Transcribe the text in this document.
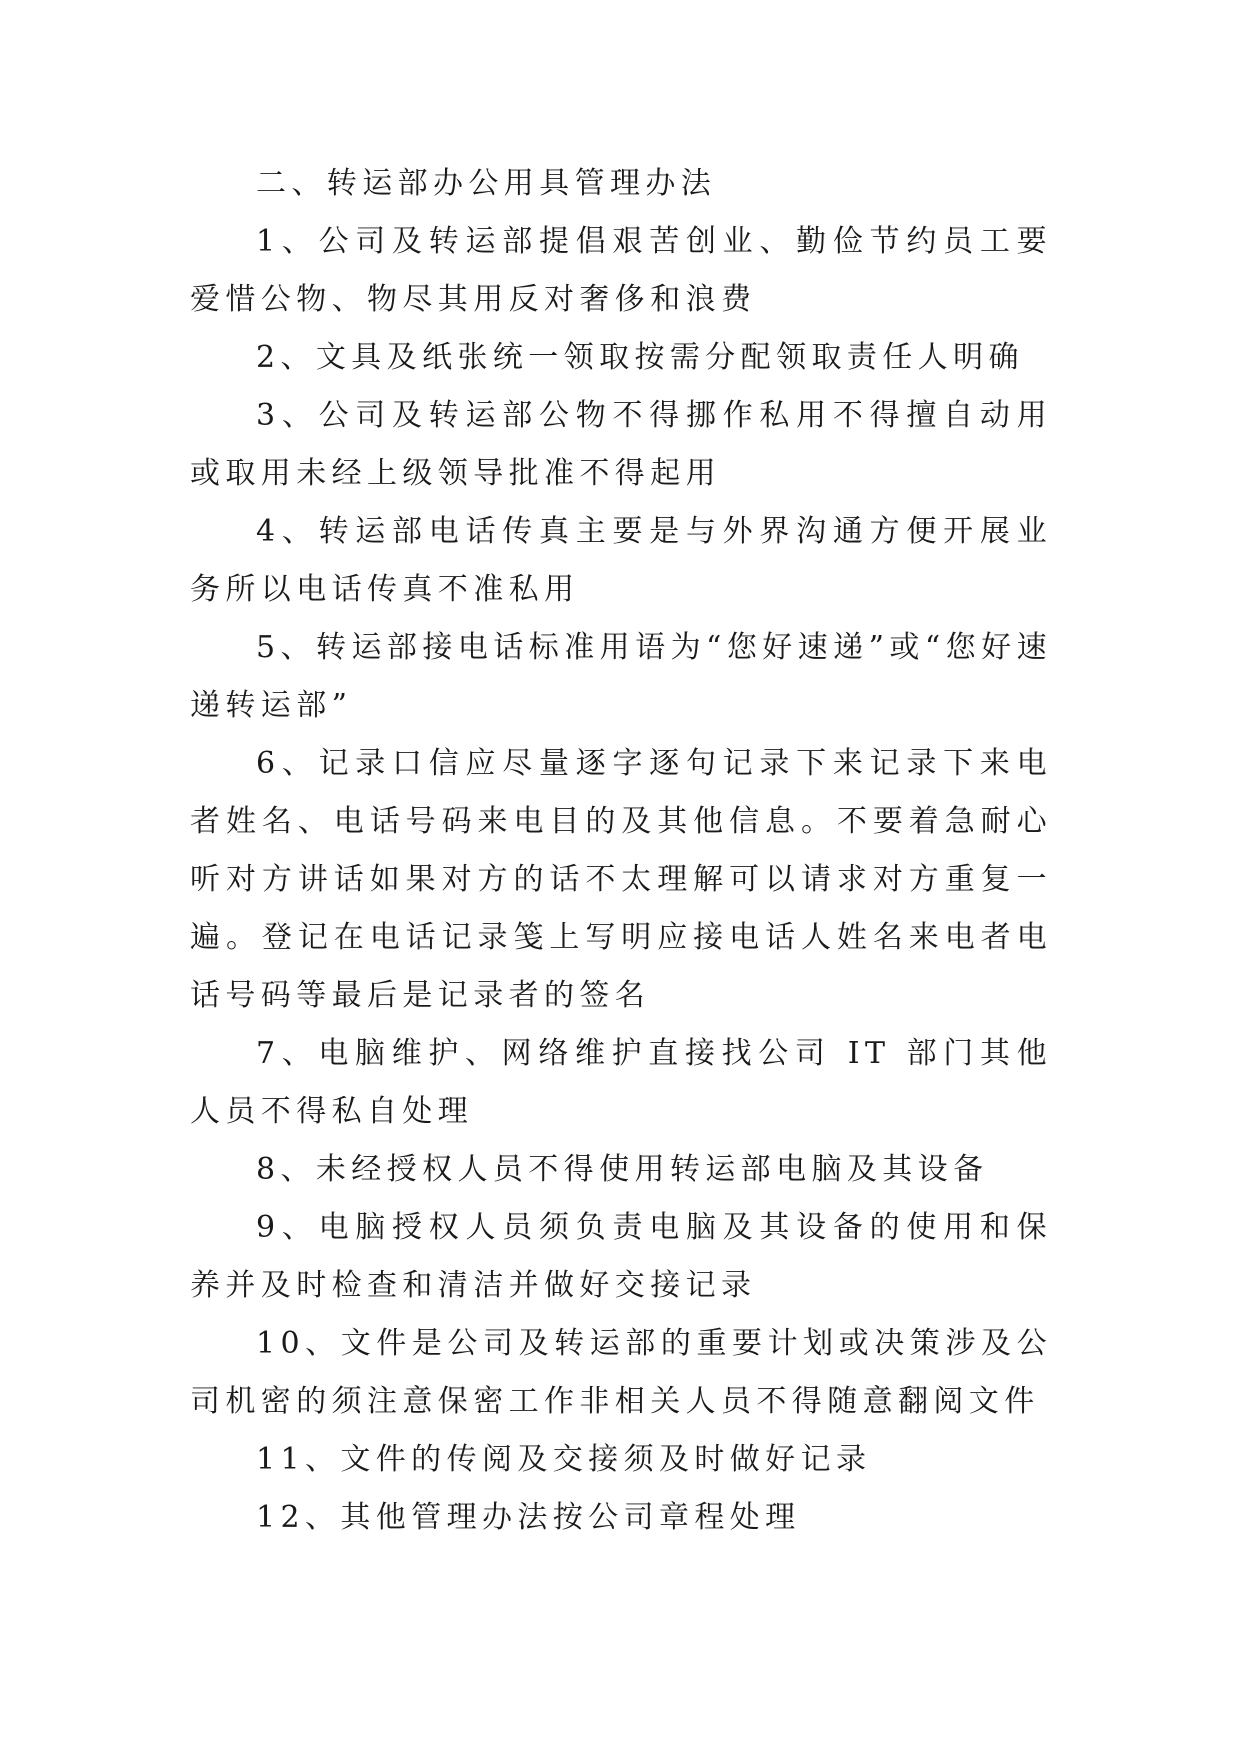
二、转运部办公用具管理办法

1、公司及转运部提倡艰苦创业、勤俭节约员工要爱惜公物、物尽其用反对奢侈和浪费

2、文具及纸张统一领取按需分配领取责任人明确

3、公司及转运部公物不得挪作私用不得擅自动用或取用未经上级领导批准不得起用

4、转运部电话传真主要是与外界沟通方便开展业务所以电话传真不准私用

5、转运部接电话标准用语为“您好速递”或“您好速递转运部”

6、记录口信应尽量逐字逐句记录下来记录下来电者姓名、电话号码来电目的及其他信息。不要着急耐心听对方讲话如果对方的话不太理解可以请求对方重复一遍。登记在电话记录笺上写明应接电话人姓名来电者电话号码等最后是记录者的签名

7、电脑维护、网络维护直接找公司 IT 部门其他人员不得私自处理

8、未经授权人员不得使用转运部电脑及其设备

9、电脑授权人员须负责电脑及其设备的使用和保养并及时检查和清洁并做好交接记录

10、文件是公司及转运部的重要计划或决策涉及公司机密的须注意保密工作非相关人员不得随意翻阅文件

11、文件的传阅及交接须及时做好记录

12、其他管理办法按公司章程处理
